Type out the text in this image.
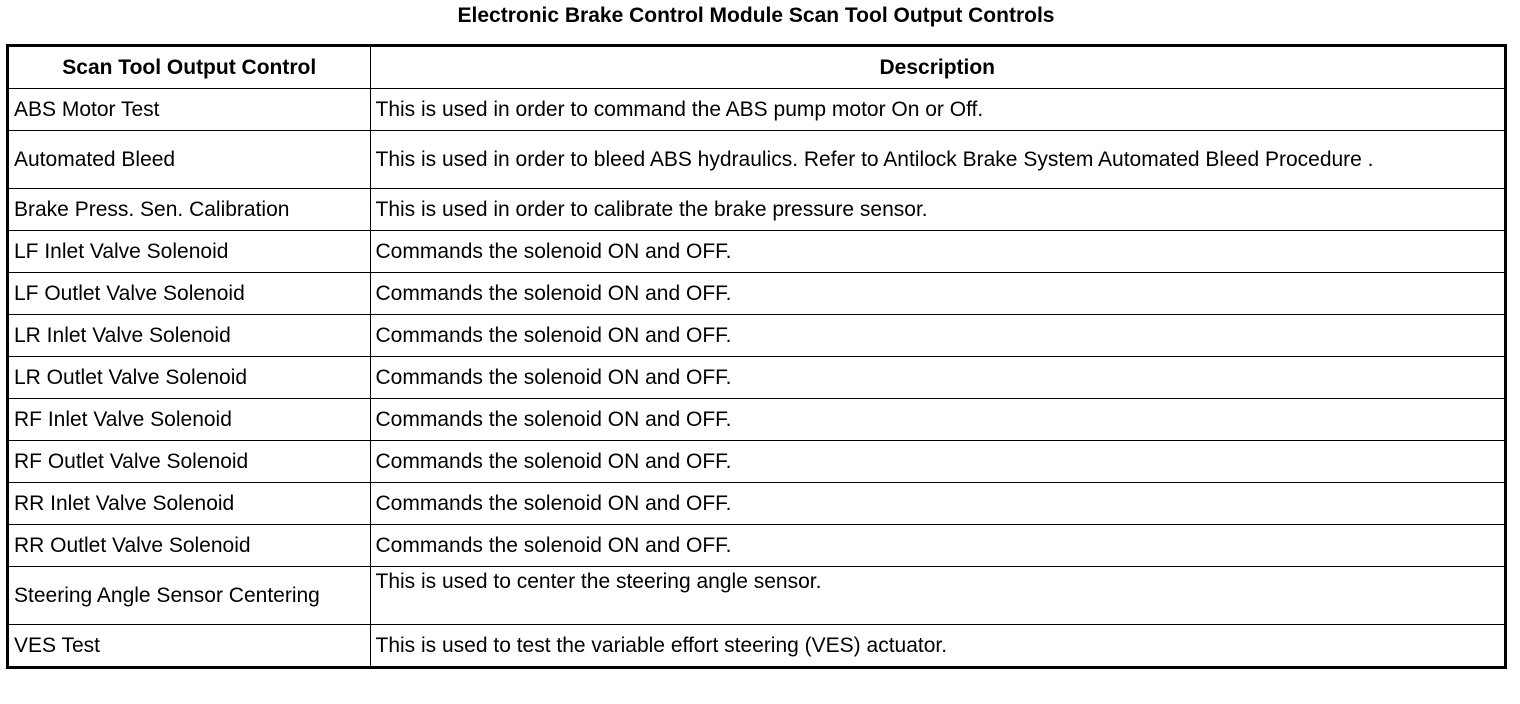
Electronic Brake Control Module Scan Tool Output Controls
Scan Tool Output Control	Description
ABS Motor Test	This is used in order to command the ABS pump motor On or Off.
Automated Bleed	This is used in order to bleed ABS hydraulics. Refer to Antilock Brake System Automated Bleed Procedure .
Brake Press. Sen. Calibration	This is used in order to calibrate the brake pressure sensor.
LF Inlet Valve Solenoid	Commands the solenoid ON and OFF.
LF Outlet Valve Solenoid	Commands the solenoid ON and OFF.
LR Inlet Valve Solenoid	Commands the solenoid ON and OFF.
LR Outlet Valve Solenoid	Commands the solenoid ON and OFF.
RF Inlet Valve Solenoid	Commands the solenoid ON and OFF.
RF Outlet Valve Solenoid	Commands the solenoid ON and OFF.
RR Inlet Valve Solenoid	Commands the solenoid ON and OFF.
RR Outlet Valve Solenoid	Commands the solenoid ON and OFF.
Steering Angle Sensor Centering	This is used to center the steering angle sensor.
VES Test	This is used to test the variable effort steering (VES) actuator.
